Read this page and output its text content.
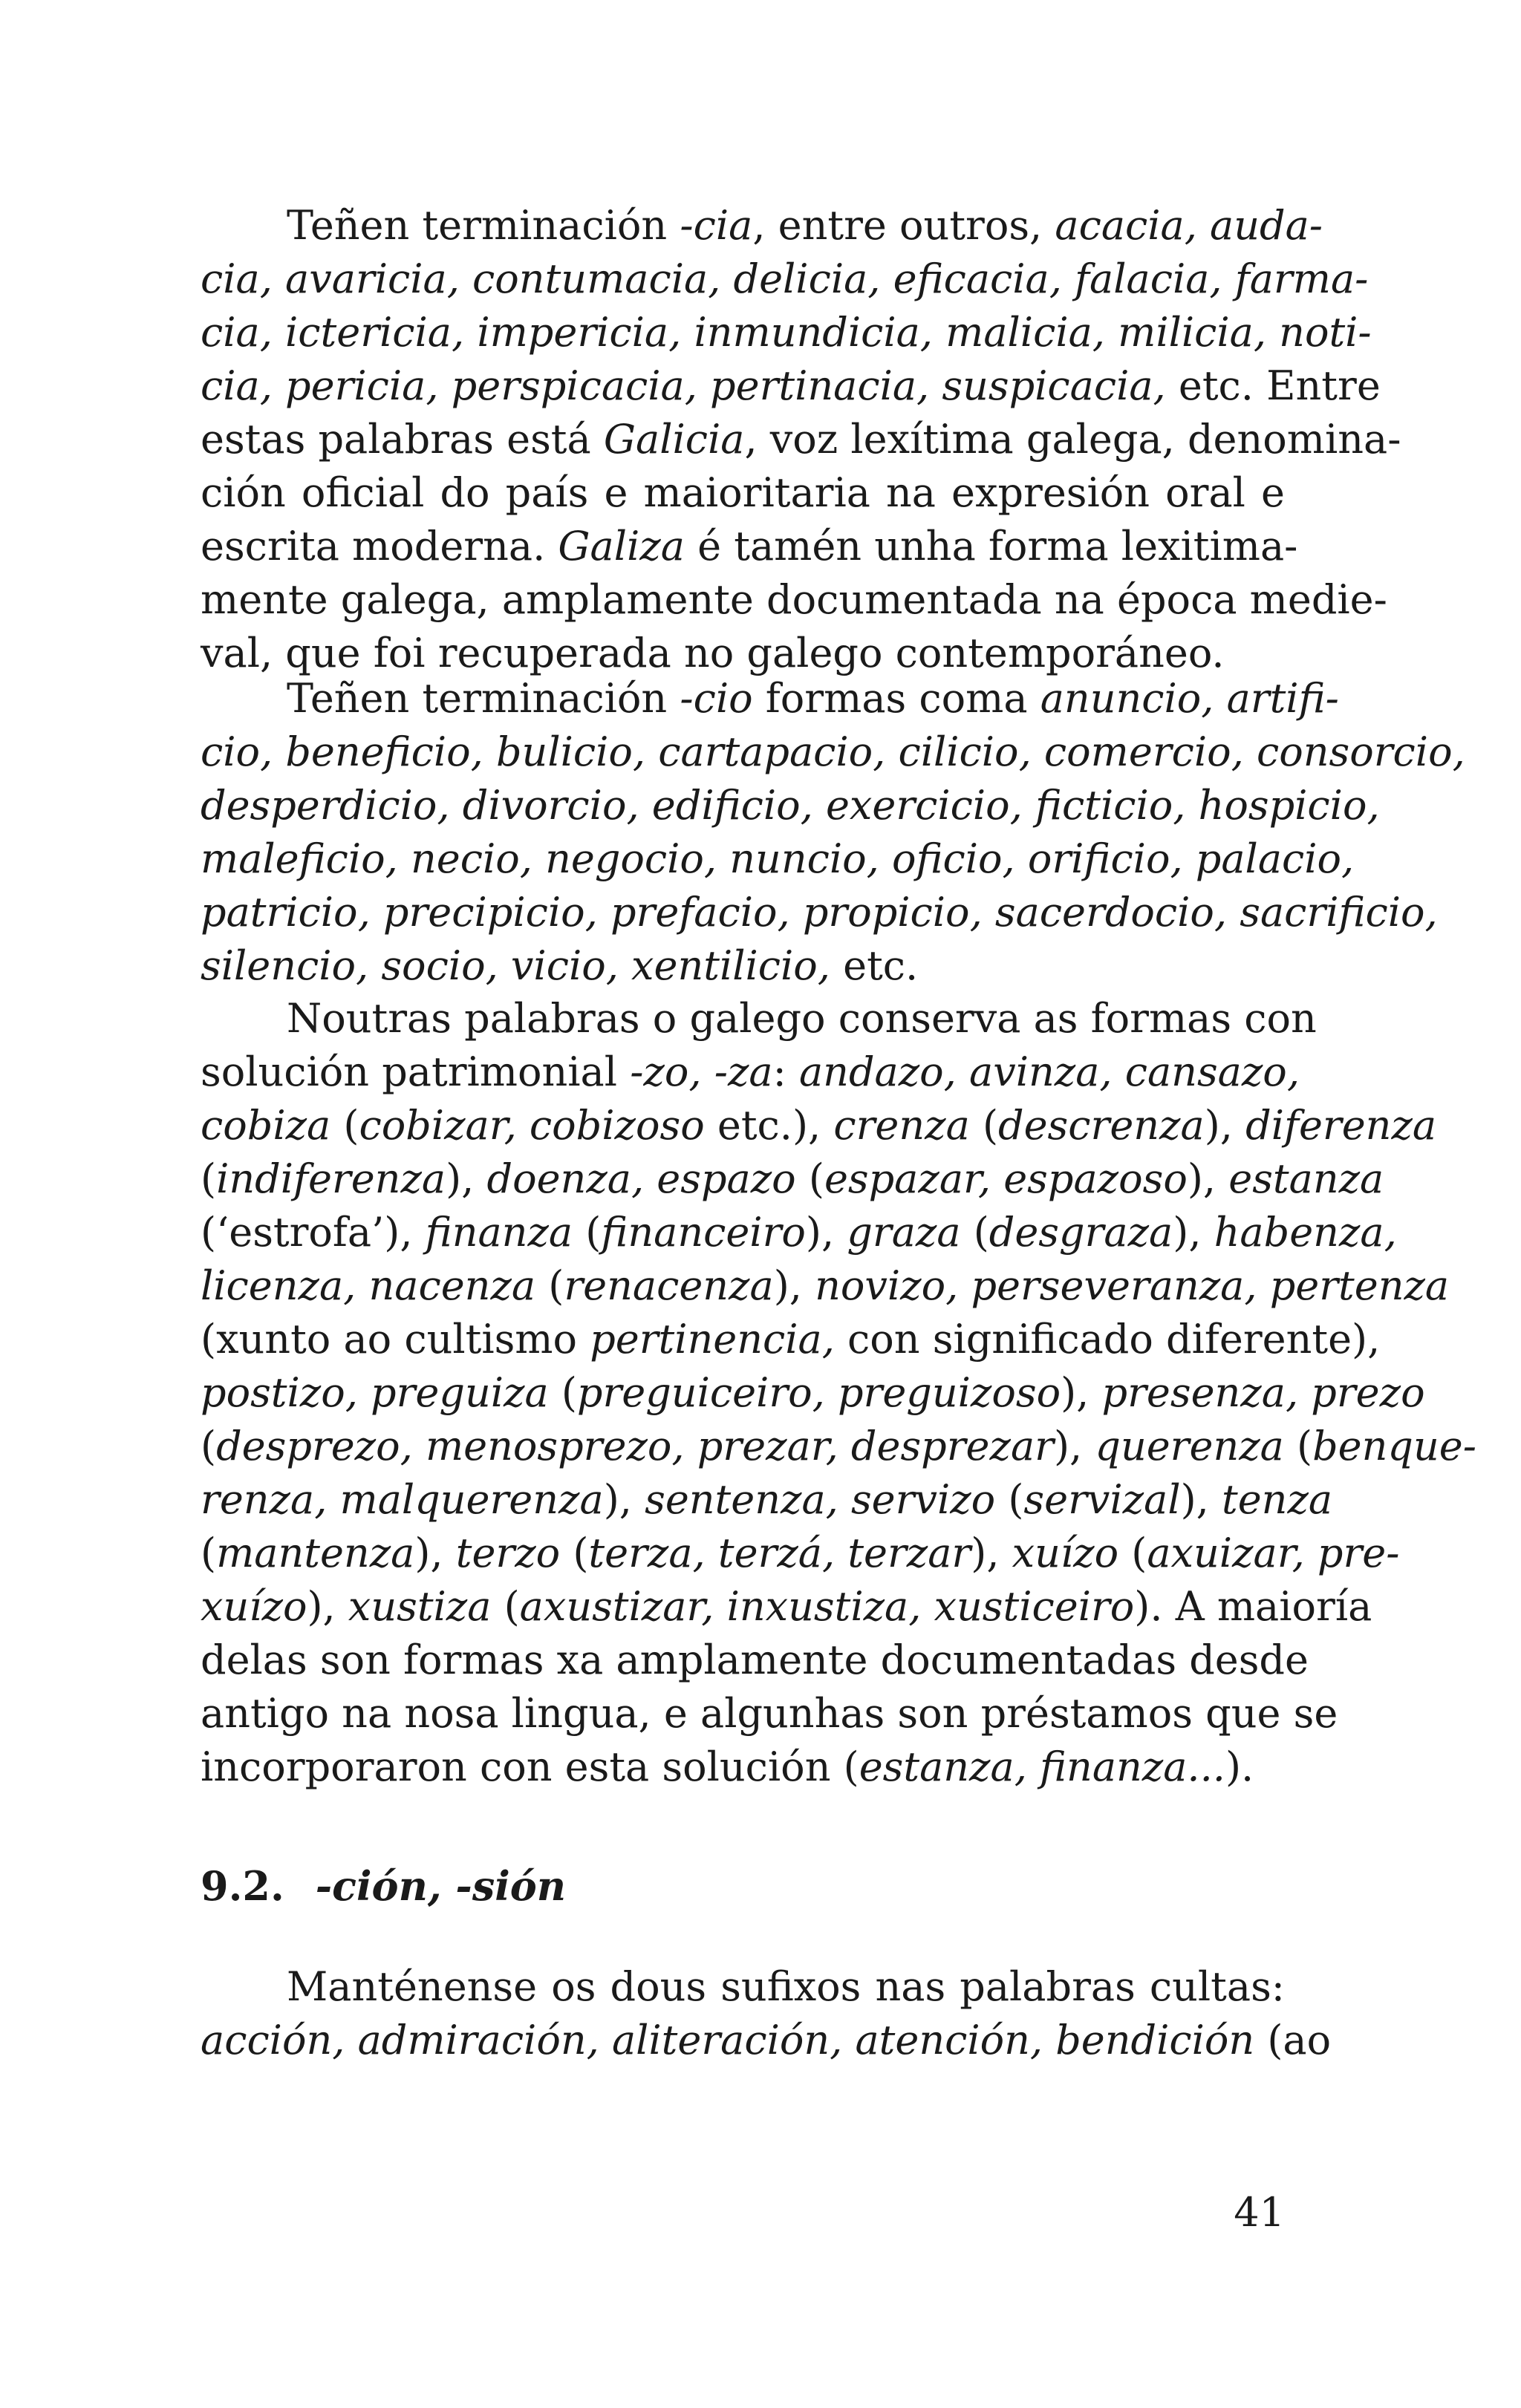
Teñen terminación -cia, entre outros, acacia, auda-
cia, avaricia, contumacia, delicia, eficacia, falacia, farma-
cia, ictericia, impericia, inmundicia, malicia, milicia, noti-
cia, pericia, perspicacia, pertinacia, suspicacia, etc. Entre
estas palabras está Galicia, voz lexítima galega, denomina-
ción oficial do país e maioritaria na expresión oral e
escrita moderna. Galiza é tamén unha forma lexitima-
mente galega, amplamente documentada na época medie-
val, que foi recuperada no galego contemporáneo.
Teñen terminación -cio formas coma anuncio, artifi-
cio, beneficio, bulicio, cartapacio, cilicio, comercio, consorcio,
desperdicio, divorcio, edificio, exercicio, ficticio, hospicio,
maleficio, necio, negocio, nuncio, oficio, orificio, palacio,
patricio, precipicio, prefacio, propicio, sacerdocio, sacrificio,
silencio, socio, vicio, xentilicio, etc.
Noutras palabras o galego conserva as formas con
solución patrimonial -zo, -za: andazo, avinza, cansazo,
cobiza (cobizar, cobizoso etc.), crenza (descrenza), diferenza
(indiferenza), doenza, espazo (espazar, espazoso), estanza
(‘estrofa’), finanza (financeiro), graza (desgraza), habenza,
licenza, nacenza (renacenza), novizo, perseveranza, pertenza
(xunto ao cultismo pertinencia, con significado diferente),
postizo, preguiza (preguiceiro, preguizoso), presenza, prezo
(desprezo, menosprezo, prezar, desprezar), querenza (benque-
renza, malquerenza), sentenza, servizo (servizal), tenza
(mantenza), terzo (terza, terzá, terzar), xuízo (axuizar, pre-
xuízo), xustiza (axustizar, inxustiza, xusticeiro). A maioría
delas son formas xa amplamente documentadas desde
antigo na nosa lingua, e algunhas son préstamos que se
incorporaron con esta solución (estanza, finanza...).
9.2. -ción, -sión
Manténense os dous sufixos nas palabras cultas:
acción, admiración, aliteración, atención, bendición (ao
41
